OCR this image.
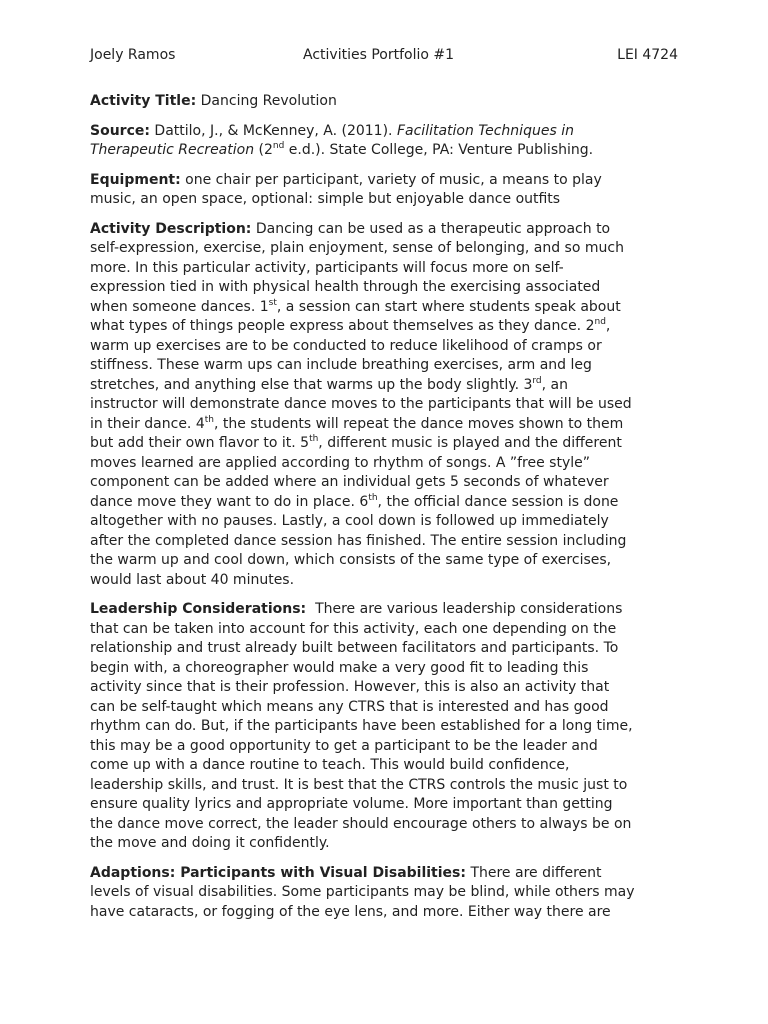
Joely Ramos	Activities Portfolio #1	LEI 4724

Activity Title: Dancing Revolution

Source: Dattilo, J., & McKenney, A. (2011). Facilitation Techniques in
Therapeutic Recreation (2nd e.d.). State College, PA: Venture Publishing.

Equipment: one chair per participant, variety of music, a means to play
music, an open space, optional: simple but enjoyable dance outfits

Activity Description: Dancing can be used as a therapeutic approach to
self-expression, exercise, plain enjoyment, sense of belonging, and so much
more. In this particular activity, participants will focus more on self-
expression tied in with physical health through the exercising associated
when someone dances. 1st, a session can start where students speak about
what types of things people express about themselves as they dance. 2nd,
warm up exercises are to be conducted to reduce likelihood of cramps or
stiffness. These warm ups can include breathing exercises, arm and leg
stretches, and anything else that warms up the body slightly. 3rd, an
instructor will demonstrate dance moves to the participants that will be used
in their dance. 4th, the students will repeat the dance moves shown to them
but add their own flavor to it. 5th, different music is played and the different
moves learned are applied according to rhythm of songs. A ”free style”
component can be added where an individual gets 5 seconds of whatever
dance move they want to do in place. 6th, the official dance session is done
altogether with no pauses. Lastly, a cool down is followed up immediately
after the completed dance session has finished. The entire session including
the warm up and cool down, which consists of the same type of exercises,
would last about 40 minutes.

Leadership Considerations: There are various leadership considerations
that can be taken into account for this activity, each one depending on the
relationship and trust already built between facilitators and participants. To
begin with, a choreographer would make a very good fit to leading this
activity since that is their profession. However, this is also an activity that
can be self-taught which means any CTRS that is interested and has good
rhythm can do. But, if the participants have been established for a long time,
this may be a good opportunity to get a participant to be the leader and
come up with a dance routine to teach. This would build confidence,
leadership skills, and trust. It is best that the CTRS controls the music just to
ensure quality lyrics and appropriate volume. More important than getting
the dance move correct, the leader should encourage others to always be on
the move and doing it confidently.

Adaptions: Participants with Visual Disabilities: There are different
levels of visual disabilities. Some participants may be blind, while others may
have cataracts, or fogging of the eye lens, and more. Either way there are
